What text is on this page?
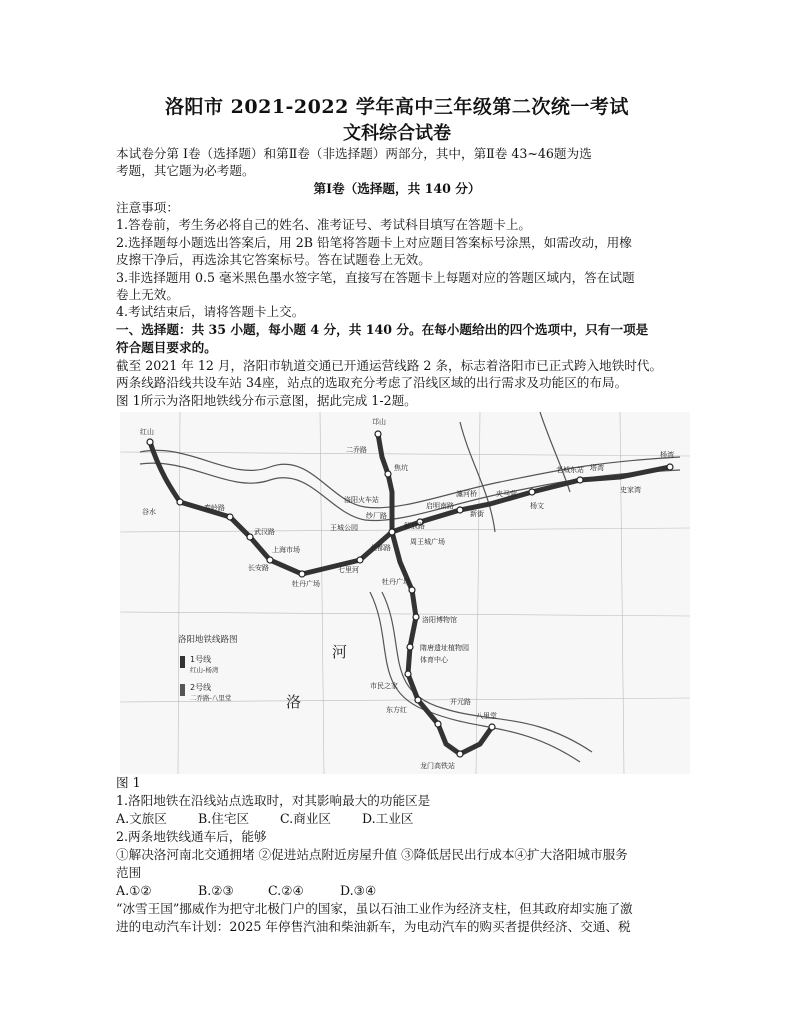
洛阳市 2021-2022 学年高中三年级第二次统一考试
文科综合试卷
本试卷分第 I卷（选择题）和第Ⅱ卷（非选择题）两部分，其中，第Ⅱ卷 43~46题为选
考题，其它题为必考题。
第Ⅰ卷（选择题，共 140 分）
注意事项：
1.答卷前，考生务必将自己的姓名、准考证号、考试科目填写在答题卡上。
2.选择题每小题选出答案后，用 2B 铅笔将答题卡上对应题目答案标号涂黑，如需改动，用橡
皮擦干净后，再选涂其它答案标号。答在试题卷上无效。
3.非选择题用 0.5 毫米黑色墨水签字笔，直接写在答题卡上每题对应的答题区域内，答在试题
卷上无效。
4.考试结束后，请将答题卡上交。
一、选择题：共 35 小题，每小题 4 分，共 140 分。在每小题给出的四个选项中，只有一项是
符合题目要求的。
截至 2021 年 12 月，洛阳市轨道交通已开通运营线路 2 条，标志着洛阳市已正式跨入地铁时代。
两条线路沿线共设车站 34座，站点的选取充分考虑了沿线区域的出行需求及功能区的布局。
图 1所示为洛阳地铁线分布示意图，据此完成 1-2题。
红山
谷水	秦岭路
武汉路
上海市场
长安路
牡丹广场
七里河
王城公园
洛阳火车站
纱厂路
启明南路
周王城广场
解放路
九都路
牡丹广场
洛阳博物馆
隋唐遗址植物园
市民之家
体育中心
开元路
东方红
龙门高铁站
八里堂
杨湾
史家湾
邙山
二乔路
焦坑
瀍河桥	夹马营
老城东站
杨文
塔湾
新街
河
洛
洛阳地铁线路图
1号线
红山-杨湾
2号线
二乔路-八里堂
图 1
1.洛阳地铁在沿线站点选取时，对其影响最大的功能区是
A.文旅区 B.住宅区 C.商业区 D.工业区
2.两条地铁线通车后，能够
①解决洛河南北交通拥堵 ②促进站点附近房屋升值 ③降低居民出行成本④扩大洛阳城市服务
范围
A.①②	B.②③	C.②④	D.③④
“冰雪王国”挪威作为把守北极门户的国家，虽以石油工业作为经济支柱，但其政府却实施了激
进的电动汽车计划：2025 年停售汽油和柴油新车，为电动汽车的购买者提供经济、交通、税
